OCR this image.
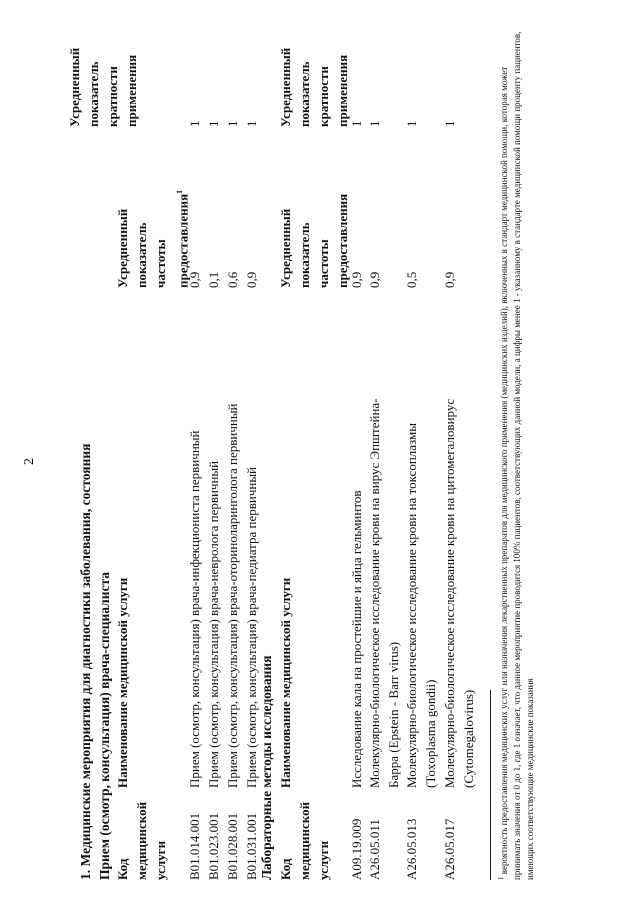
2	1. Медицинские мероприятия для диагностики заболевания, состояния Прием (осмотр, консультация) врача-специалиста Код медицинской услуги
Наименование медицинской услуги
Усредненный показатель частоты предоставления$^1$
Усредненный показатель кратности применения
B01.014.001
Прием (осмотр, консультация) врача-инфекциониста первичный
0,9
1
B01.023.001
Прием (осмотр, консультация) врача-невролога первичный
0,1
1
B01.028.001
Прием (осмотр, консультация) врача-оториноларинголога первичный
0,6
1
B01.031.001
Прием (осмотр, консультация) врача-педиатра первичный
0,9
1
Лабораторные методы исследования Код медицинской услуги
Наименование медицинской услуги
Усредненный показатель частоты предоставления
Усредненный показатель кратности применения
A09.19.009
Исследование кала на простейшие и яйца гельминтов
0,9
1
A26.05.011
Молекулярно-биологическое исследование крови на вирус Эпштейна- Барра (Epstein - Barr virus)
0,9
1
A26.05.013
Молекулярно-биологическое исследование крови на токсоплазмы (Toxoplasma gondii)
0,5
1
A26.05.017
Молекулярно-биологическое исследование крови на цитомегаловирус (Cytomegalovirus)
0,9
1
$^1$ вероятность предоставления медицинских услуг или назначения лекарственных препаратов для медицинского применения (медицинских изделий), включенных в стандарт медицинской помощи, которая может принимать значения от 0 до 1, где 1 означает, что данное мероприятие проводится 100% пациентов, соответствующих данной модели, а цифры менее 1 - указанному в стандарте медицинской помощи проценту пациентов, имеющих соответствующие медицинские показания
